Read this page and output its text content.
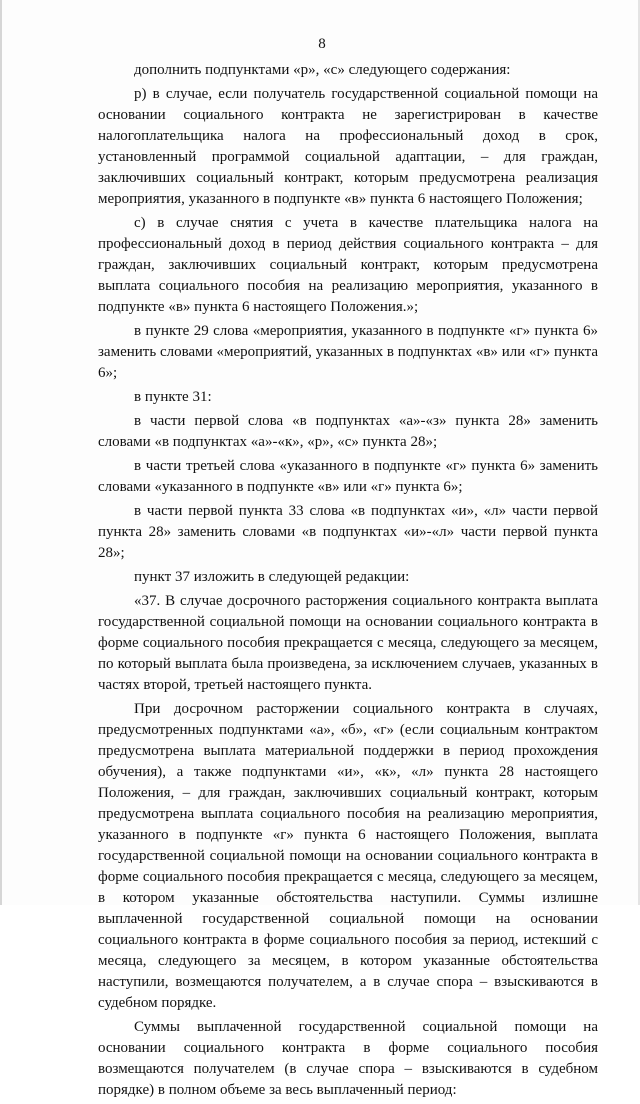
8

дополнить подпунктами «р», «с» следующего содержания:

р) в случае, если получатель государственной социальной помощи на основании социального контракта не зарегистрирован в качестве налогоплательщика налога на профессиональный доход в срок, установленный программой социальной адаптации, – для граждан, заключивших социальный контракт, которым предусмотрена реализация мероприятия, указанного в подпункте «в» пункта 6 настоящего Положения;

с) в случае снятия с учета в качестве плательщика налога на профессиональный доход в период действия социального контракта – для граждан, заключивших социальный контракт, которым предусмотрена выплата социального пособия на реализацию мероприятия, указанного в подпункте «в» пункта 6 настоящего Положения.»;

в пункте 29 слова «мероприятия, указанного в подпункте «г» пункта 6» заменить словами «мероприятий, указанных в подпунктах «в» или «г» пункта 6»;

в пункте 31:

в части первой слова «в подпунктах «а»-«з» пункта 28» заменить словами «в подпунктах «а»-«к», «р», «с» пункта 28»;

в части третьей слова «указанного в подпункте «г» пункта 6» заменить словами «указанного в подпункте «в» или «г» пункта 6»;

в части первой пункта 33 слова «в подпунктах «и», «л» части первой пункта 28» заменить словами «в подпунктах «и»-«л» части первой пункта 28»;

пункт 37 изложить в следующей редакции:

«37. В случае досрочного расторжения социального контракта выплата государственной социальной помощи на основании социального контракта в форме социального пособия прекращается с месяца, следующего за месяцем, по который выплата была произведена, за исключением случаев, указанных в частях второй, третьей настоящего пункта.

При досрочном расторжении социального контракта в случаях, предусмотренных подпунктами «а», «б», «г» (если социальным контрактом предусмотрена выплата материальной поддержки в период прохождения обучения), а также подпунктами «и», «к», «л» пункта 28 настоящего Положения, – для граждан, заключивших социальный контракт, которым предусмотрена выплата социального пособия на реализацию мероприятия, указанного в подпункте «г» пункта 6 настоящего Положения, выплата государственной социальной помощи на основании социального контракта в форме социального пособия прекращается с месяца, следующего за месяцем, в котором указанные обстоятельства наступили. Суммы излишне выплаченной государственной социальной помощи на основании социального контракта в форме социального пособия за период, истекший с месяца, следующего за месяцем, в котором указанные обстоятельства наступили, возмещаются получателем, а в случае спора – взыскиваются в судебном порядке.

Суммы выплаченной государственной социальной помощи на основании социального контракта в форме социального пособия возмещаются получателем (в случае спора – взыскиваются в судебном порядке) в полном объеме за весь выплаченный период:
